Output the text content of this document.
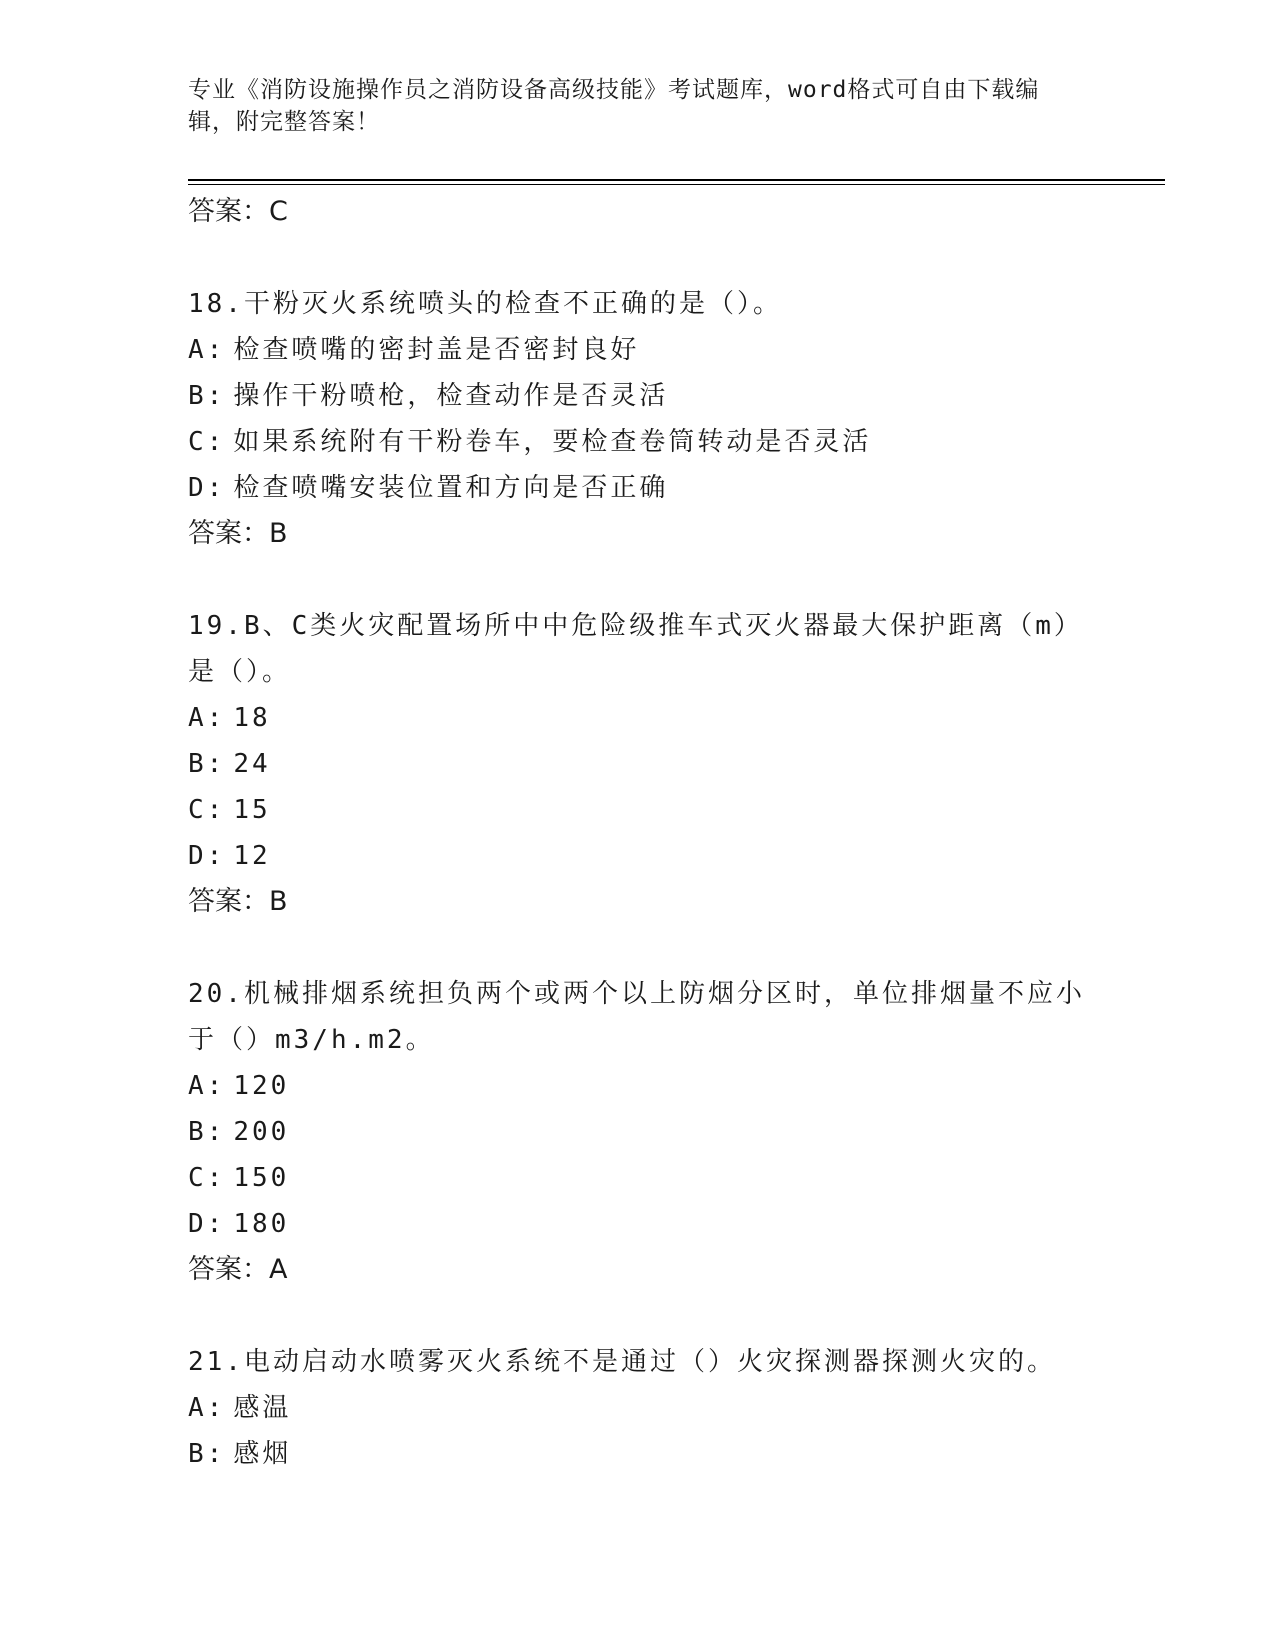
专业《消防设施操作员之消防设备高级技能》考试题库，word格式可自由下载编
辑，附完整答案！

答案：C

18.干粉灭火系统喷头的检查不正确的是（）。

A: 检查喷嘴的密封盖是否密封良好

B: 操作干粉喷枪，检查动作是否灵活

C: 如果系统附有干粉卷车，要检查卷筒转动是否灵活

D: 检查喷嘴安装位置和方向是否正确

答案：B

19.B、C类火灾配置场所中中危险级推车式灭火器最大保护距离（m）

是（）。

A: 18

B: 24

C: 15

D: 12

答案：B

20.机械排烟系统担负两个或两个以上防烟分区时，单位排烟量不应小

于（）m3/h.m2。

A: 120

B: 200

C: 150

D: 180

答案：A

21.电动启动水喷雾灭火系统不是通过（）火灾探测器探测火灾的。

A: 感温

B: 感烟
